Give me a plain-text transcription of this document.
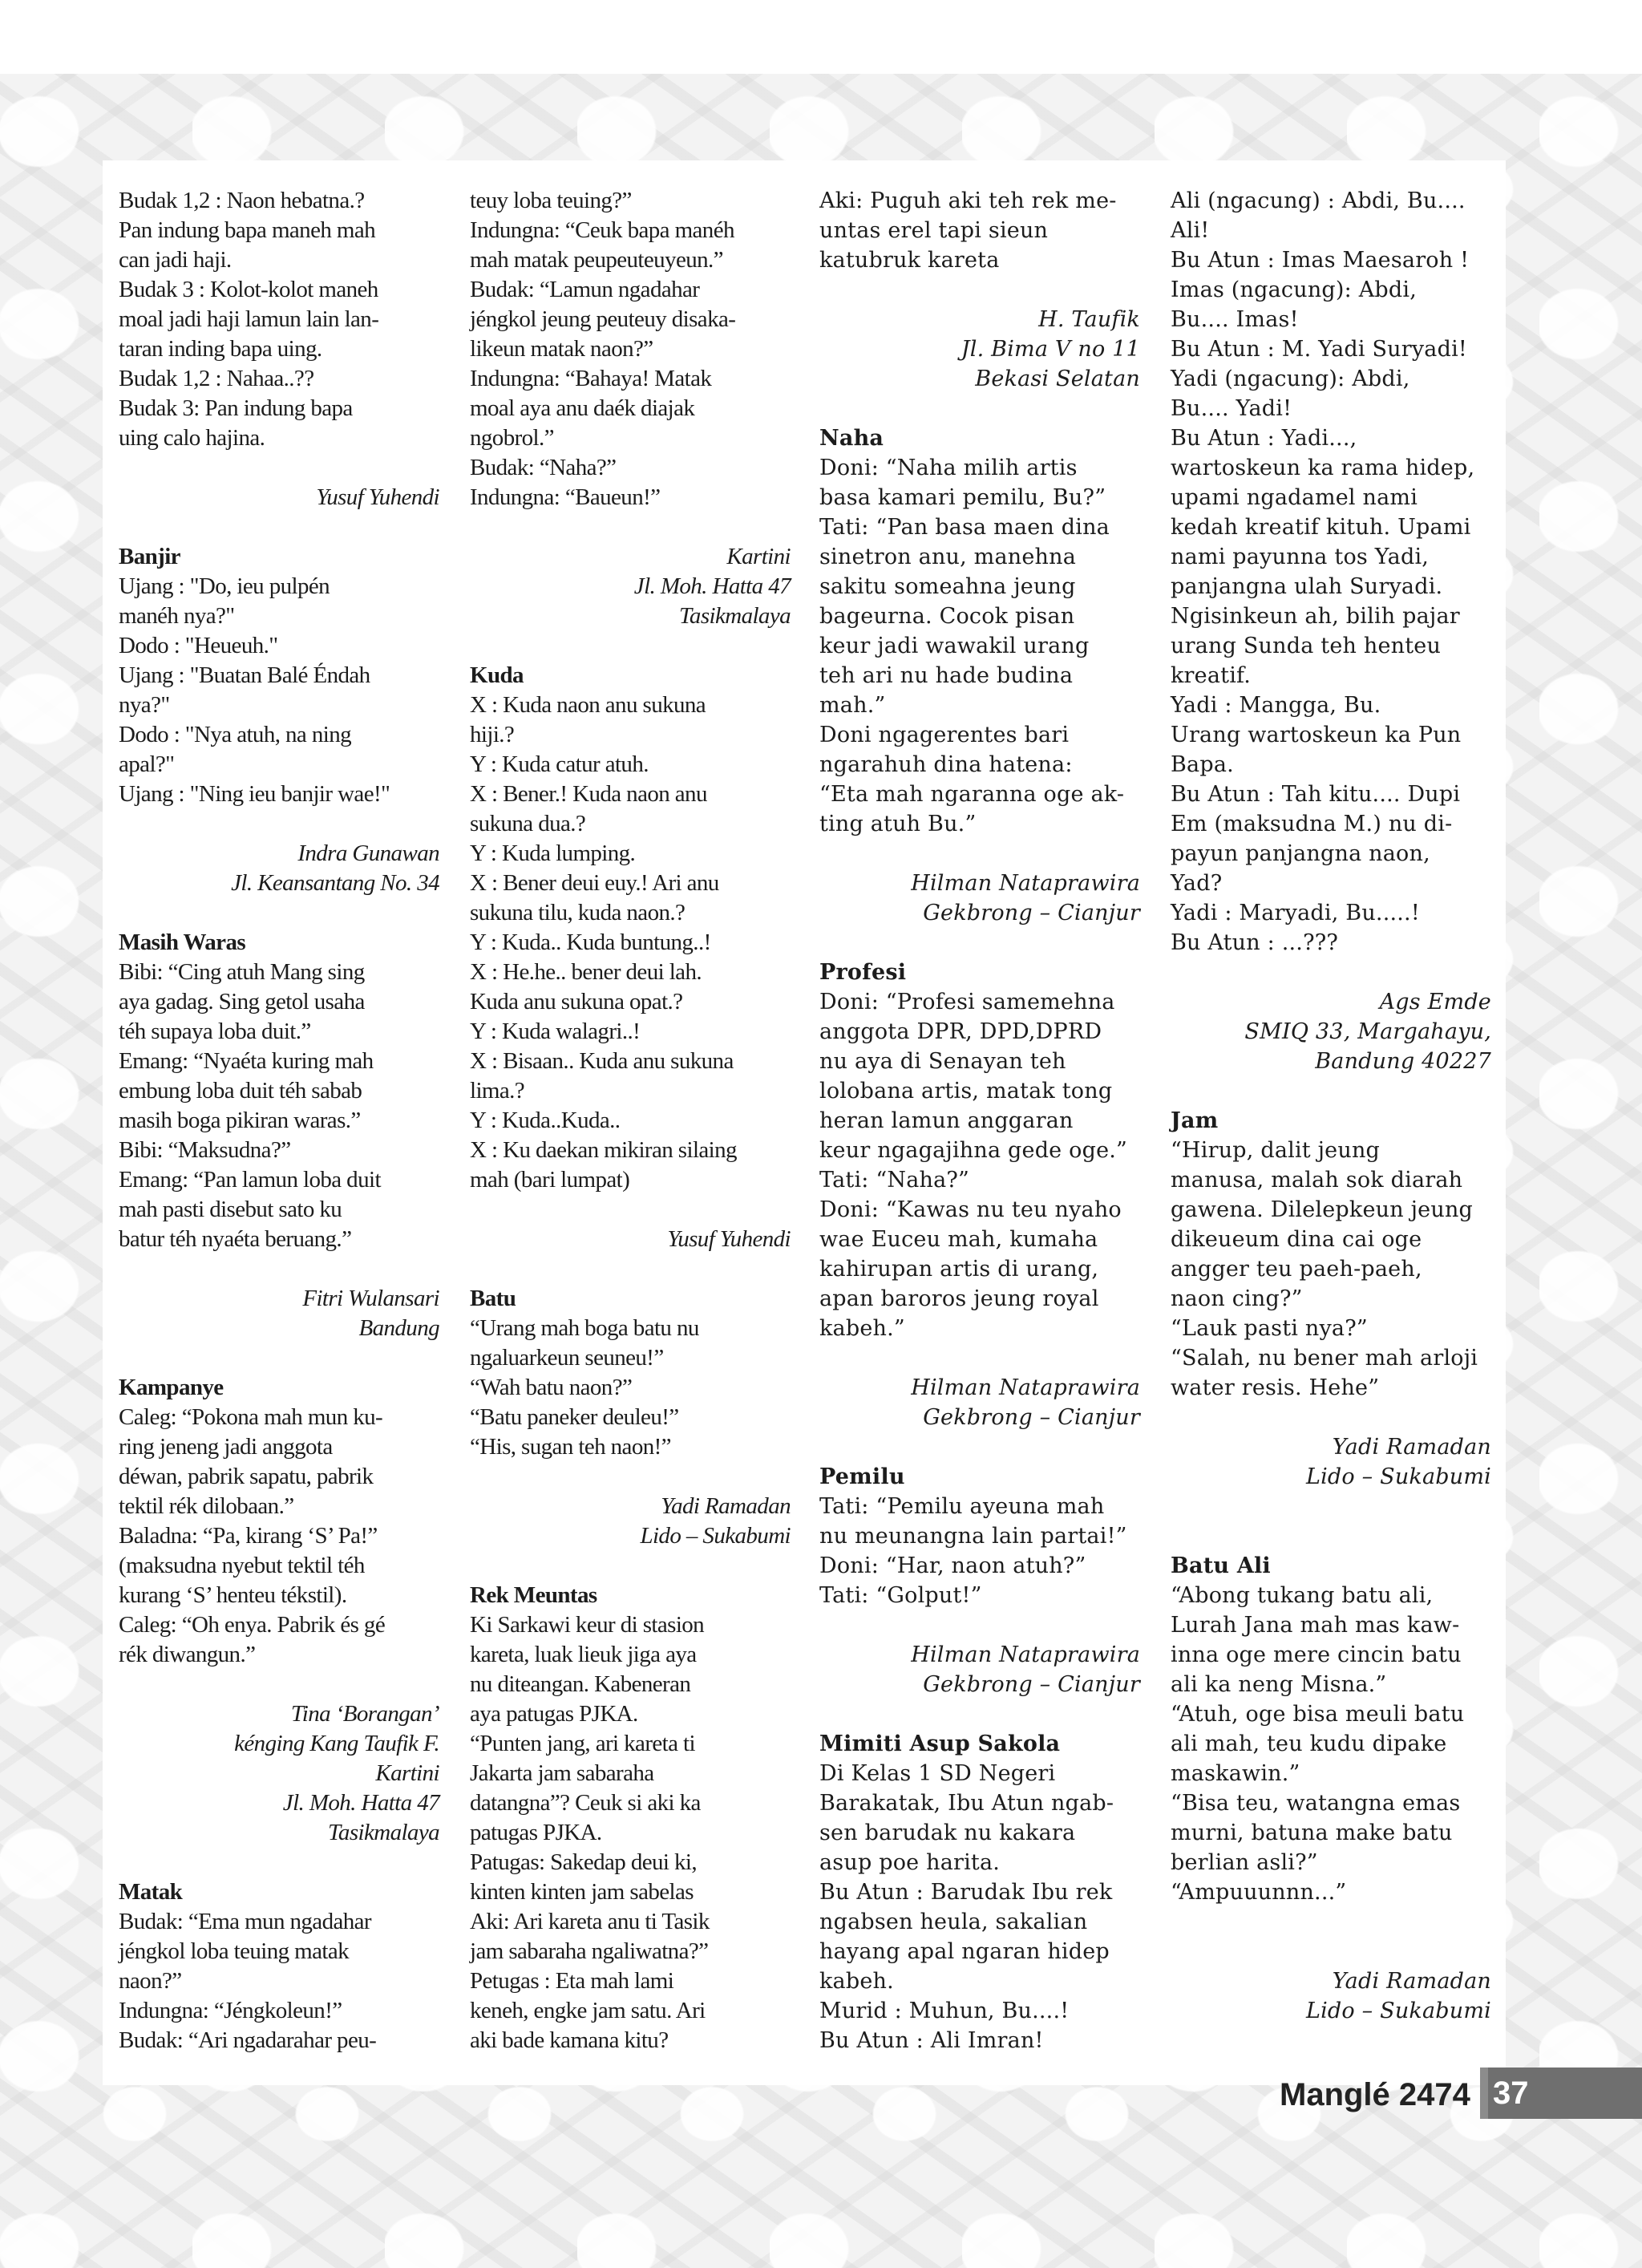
Budak 1,2 : Naon hebatna.?
Pan indung bapa maneh mah
can jadi haji.
Budak 3 : Kolot-kolot maneh
moal jadi haji lamun lain lan-
taran inding bapa uing.
Budak 1,2 : Nahaa..??
Budak 3: Pan indung bapa
uing calo hajina.
Yusuf Yuhendi
Banjir
Ujang : "Do, ieu pulpén
manéh nya?"
Dodo : "Heueuh."
Ujang : "Buatan Balé Éndah
nya?"
Dodo : "Nya atuh, na ning
apal?"
Ujang : "Ning ieu banjir wae!"
Indra Gunawan
Jl. Keansantang No. 34
Masih Waras
Bibi: “Cing atuh Mang sing
aya gadag. Sing getol usaha
téh supaya loba duit.”
Emang: “Nyaéta kuring mah
embung loba duit téh sabab
masih boga pikiran waras.”
Bibi: “Maksudna?”
Emang: “Pan lamun loba duit
mah pasti disebut sato ku
batur téh nyaéta beruang.”
Fitri Wulansari
Bandung
Kampanye
Caleg: “Pokona mah mun ku-
ring jeneng jadi anggota
déwan, pabrik sapatu, pabrik
tektil rék dilobaan.”
Baladna: “Pa, kirang ‘S’ Pa!”
(maksudna nyebut tektil téh
kurang ‘S’ henteu tékstil).
Caleg: “Oh enya. Pabrik és gé
rék diwangun.”
Tina ‘Borangan’
kénging Kang Taufik F.
Kartini
Jl. Moh. Hatta 47
Tasikmalaya
Matak
Budak: “Ema mun ngadahar
jéngkol loba teuing matak
naon?”
Indungna: “Jéngkoleun!”
Budak: “Ari ngadarahar peu-
teuy loba teuing?”
Indungna: “Ceuk bapa manéh
mah matak peupeuteuyeun.”
Budak: “Lamun ngadahar
jéngkol jeung peuteuy disaka-
likeun matak naon?”
Indungna: “Bahaya! Matak
moal aya anu daék diajak
ngobrol.”
Budak: “Naha?”
Indungna: “Baueun!”
Kartini
Jl. Moh. Hatta 47
Tasikmalaya
Kuda
X : Kuda naon anu sukuna
hiji.?
Y : Kuda catur atuh.
X : Bener.! Kuda naon anu
sukuna dua.?
Y : Kuda lumping.
X : Bener deui euy.! Ari anu
sukuna tilu, kuda naon.?
Y : Kuda.. Kuda buntung..!
X : He.he.. bener deui lah.
Kuda anu sukuna opat.?
Y : Kuda walagri..!
X : Bisaan.. Kuda anu sukuna
lima.?
Y : Kuda..Kuda..
X : Ku daekan mikiran silaing
mah (bari lumpat)
Yusuf Yuhendi
Batu
“Urang mah boga batu nu
ngaluarkeun seuneu!”
“Wah batu naon?”
“Batu paneker deuleu!”
“His, sugan teh naon!”
Yadi Ramadan
Lido – Sukabumi
Rek Meuntas
Ki Sarkawi keur di stasion
kareta, luak lieuk jiga aya
nu diteangan. Kabeneran
aya patugas PJKA.
“Punten jang, ari kareta ti
Jakarta jam sabaraha
datangna”? Ceuk si aki ka
patugas PJKA.
Patugas: Sakedap deui ki,
kinten kinten jam sabelas
Aki: Ari kareta anu ti Tasik
jam sabaraha ngaliwatna?”
Petugas : Eta mah lami
keneh, engke jam satu. Ari
aki bade kamana kitu?
Aki: Puguh aki teh rek me-
untas erel tapi sieun
katubruk kareta
H. Taufik
Jl. Bima V no 11
Bekasi Selatan
Naha
Doni: “Naha milih artis
basa kamari pemilu, Bu?”
Tati: “Pan basa maen dina
sinetron anu, manehna
sakitu someahna jeung
bageurna. Cocok pisan
keur jadi wawakil urang
teh ari nu hade budina
mah.”
Doni ngagerentes bari
ngarahuh dina hatena:
“Eta mah ngaranna oge ak-
ting atuh Bu.”
Hilman Nataprawira
Gekbrong – Cianjur
Profesi
Doni: “Profesi samemehna
anggota DPR, DPD,DPRD
nu aya di Senayan teh
lolobana artis, matak tong
heran lamun anggaran
keur ngagajihna gede oge.”
Tati: “Naha?”
Doni: “Kawas nu teu nyaho
wae Euceu mah, kumaha
kahirupan artis di urang,
apan baroros jeung royal
kabeh.”
Hilman Nataprawira
Gekbrong – Cianjur
Pemilu
Tati: “Pemilu ayeuna mah
nu meunangna lain partai!”
Doni: “Har, naon atuh?”
Tati: “Golput!”
Hilman Nataprawira
Gekbrong – Cianjur
Mimiti Asup Sakola
Di Kelas 1 SD Negeri
Barakatak, Ibu Atun ngab-
sen barudak nu kakara
asup poe harita.
Bu Atun : Barudak Ibu rek
ngabsen heula, sakalian
hayang apal ngaran hidep
kabeh.
Murid : Muhun, Bu....!
Bu Atun : Ali Imran!
Ali (ngacung) : Abdi, Bu....
Ali!
Bu Atun : Imas Maesaroh !
Imas (ngacung): Abdi,
Bu.... Imas!
Bu Atun : M. Yadi Suryadi!
Yadi (ngacung): Abdi,
Bu.... Yadi!
Bu Atun : Yadi...,
wartoskeun ka rama hidep,
upami ngadamel nami
kedah kreatif kituh. Upami
nami payunna tos Yadi,
panjangna ulah Suryadi.
Ngisinkeun ah, bilih pajar
urang Sunda teh henteu
kreatif.
Yadi : Mangga, Bu.
Urang wartoskeun ka Pun
Bapa.
Bu Atun : Tah kitu.... Dupi
Em (maksudna M.) nu di-
payun panjangna naon,
Yad?
Yadi : Maryadi, Bu.....!
Bu Atun : ...???
Ags Emde
SMIQ 33, Margahayu,
Bandung 40227
Jam
“Hirup, dalit jeung
manusa, malah sok diarah
gawena. Dilelepkeun jeung
dikeueum dina cai oge
angger teu paeh-paeh,
naon cing?”
“Lauk pasti nya?”
“Salah, nu bener mah arloji
water resis. Hehe”
Yadi Ramadan
Lido – Sukabumi
Batu Ali
“Abong tukang batu ali,
Lurah Jana mah mas kaw-
inna oge mere cincin batu
ali ka neng Misna.”
“Atuh, oge bisa meuli batu
ali mah, teu kudu dipake
maskawin.”
“Bisa teu, watangna emas
murni, batuna make batu
berlian asli?”
“Ampuuunnn...”
Yadi Ramadan
Lido – Sukabumi
Manglé 2474 37
